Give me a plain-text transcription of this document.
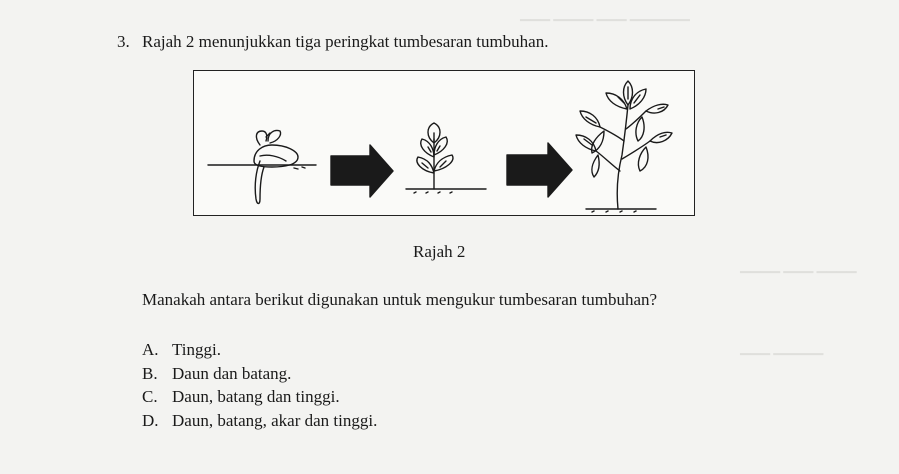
▁▁▁ ▁▁▁▁ ▁▁▁ ▁▁▁▁▁▁
▁▁▁▁ ▁▁▁ ▁▁▁▁
▁▁▁ ▁▁▁▁▁
3. Rajah 2 menunjukkan tiga peringkat tumbesaran tumbuhan.
Rajah 2
Manakah antara berikut digunakan untuk mengukur tumbesaran tumbuhan?
A. Tinggi.
B. Daun dan batang.
C. Daun, batang dan tinggi.
D. Daun, batang, akar dan tinggi.
